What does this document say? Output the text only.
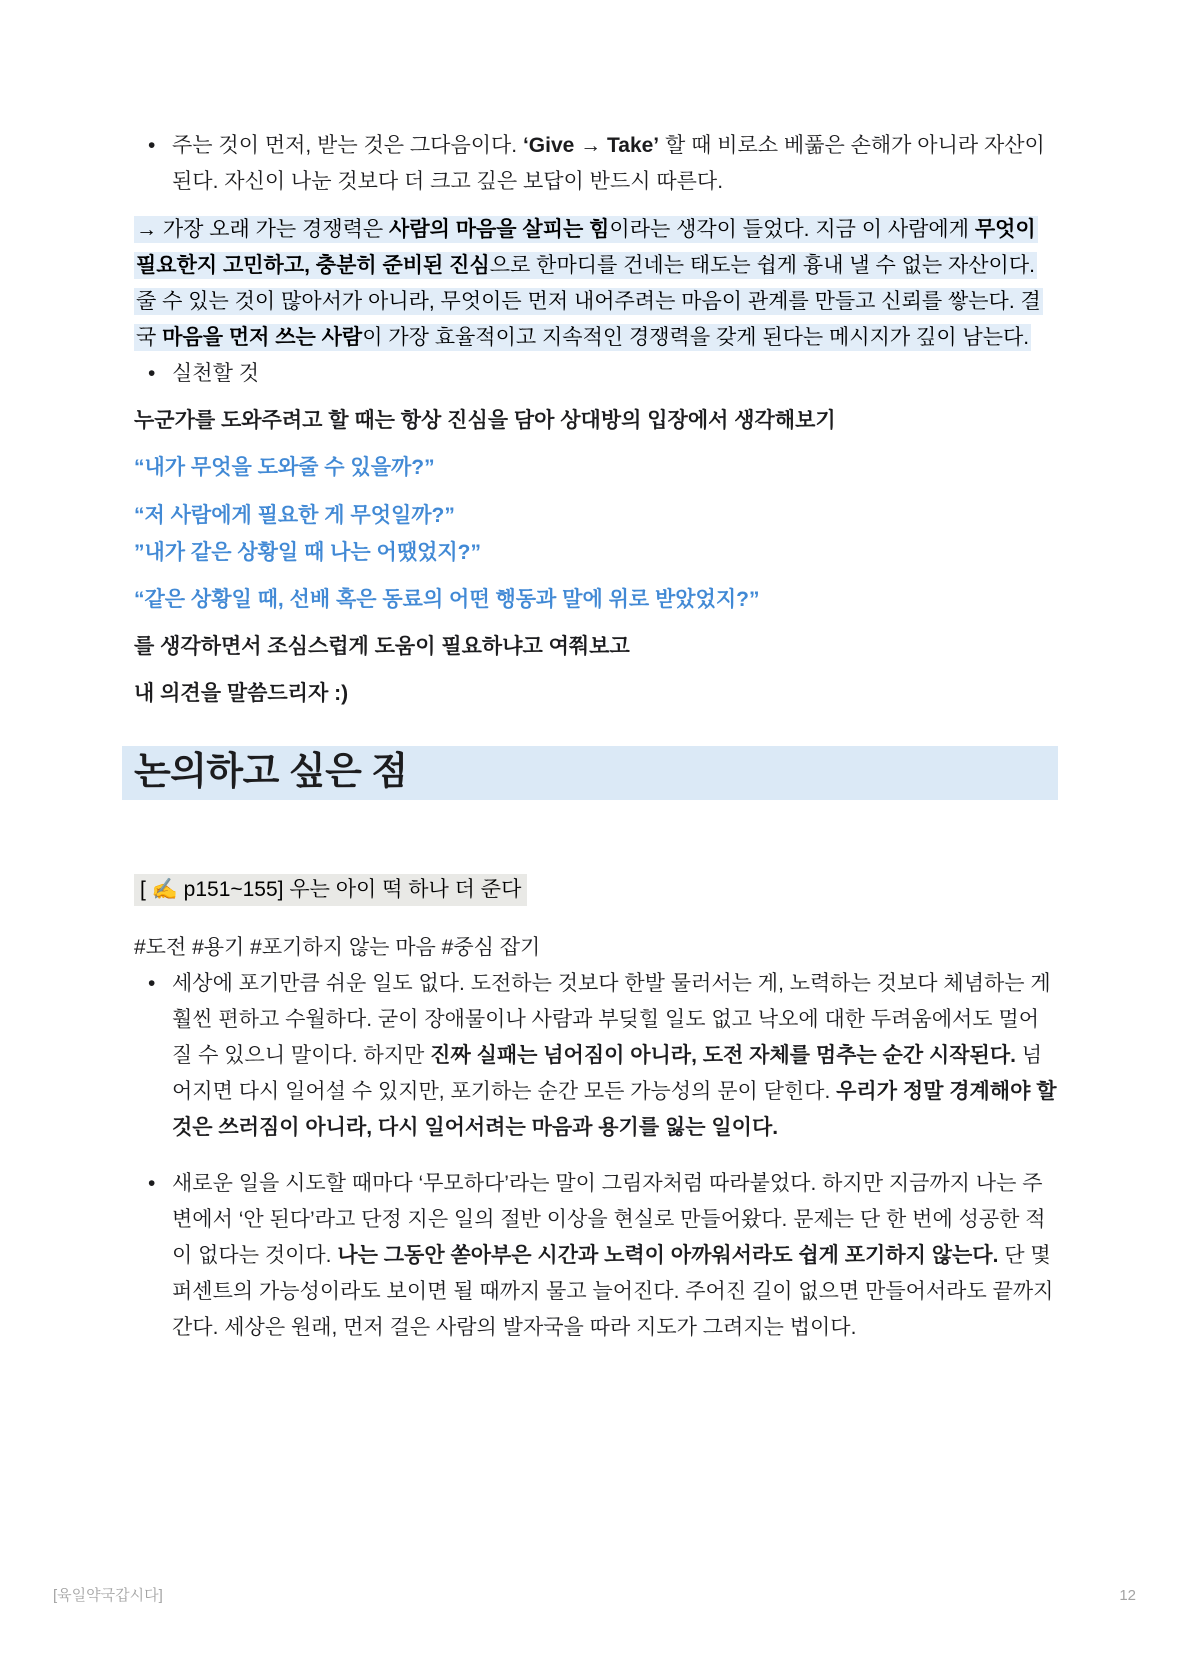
• 주는 것이 먼저, 받는 것은 그다음이다. ‘Give → Take’ 할 때 비로소 베풂은 손해가 아니라 자산이 된다. 자신이 나눈 것보다 더 크고 깊은 보답이 반드시 따른다.

→ 가장 오래 가는 경쟁력은 사람의 마음을 살피는 힘이라는 생각이 들었다. 지금 이 사람에게 무엇이 필요한지 고민하고, 충분히 준비된 진심으로 한마디를 건네는 태도는 쉽게 흉내 낼 수 없는 자산이다. 줄 수 있는 것이 많아서가 아니라, 무엇이든 먼저 내어주려는 마음이 관계를 만들고 신뢰를 쌓는다. 결국 마음을 먼저 쓰는 사람이 가장 효율적이고 지속적인 경쟁력을 갖게 된다는 메시지가 깊이 남는다.

• 실천할 것

누군가를 도와주려고 할 때는 항상 진심을 담아 상대방의 입장에서 생각해보기

“내가 무엇을 도와줄 수 있을까?”

“저 사람에게 필요한 게 무엇일까?”
”내가 같은 상황일 때 나는 어땠었지?”

“같은 상황일 때, 선배 혹은 동료의 어떤 행동과 말에 위로 받았었지?”

를 생각하면서 조심스럽게 도움이 필요하냐고 여쭤보고

내 의견을 말씀드리자 :)

논의하고 싶은 점

[ ✍️ p151~155] 우는 아이 떡 하나 더 준다

#도전 #용기 #포기하지 않는 마음 #중심 잡기

• 세상에 포기만큼 쉬운 일도 없다. 도전하는 것보다 한발 물러서는 게, 노력하는 것보다 체념하는 게 훨씬 편하고 수월하다. 굳이 장애물이나 사람과 부딪힐 일도 없고 낙오에 대한 두려움에서도 멀어질 수 있으니 말이다. 하지만 진짜 실패는 넘어짐이 아니라, 도전 자체를 멈추는 순간 시작된다. 넘어지면 다시 일어설 수 있지만, 포기하는 순간 모든 가능성의 문이 닫힌다. 우리가 정말 경계해야 할 것은 쓰러짐이 아니라, 다시 일어서려는 마음과 용기를 잃는 일이다.
• 새로운 일을 시도할 때마다 ‘무모하다’라는 말이 그림자처럼 따라붙었다. 하지만 지금까지 나는 주변에서 ‘안 된다’라고 단정 지은 일의 절반 이상을 현실로 만들어왔다. 문제는 단 한 번에 성공한 적이 없다는 것이다. 나는 그동안 쏟아부은 시간과 노력이 아까워서라도 쉽게 포기하지 않는다. 단 몇 퍼센트의 가능성이라도 보이면 될 때까지 물고 늘어진다. 주어진 길이 없으면 만들어서라도 끝까지 간다. 세상은 원래, 먼저 걸은 사람의 발자국을 따라 지도가 그려지는 법이다.
[육일약국갑시다]	12
